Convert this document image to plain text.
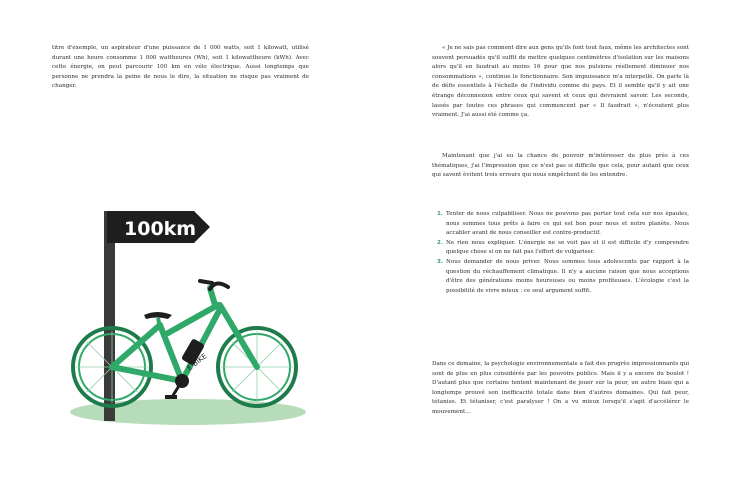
titre d'exemple, un aspirateur d'une puissance de 1 000 watts, soit 1 kilowatt, utilisé durant une heure consomme 1 000 wattheures (Wh), soit 1 kilowattheure (kWh). Avec cette énergie, on peut parcourir 100 km en vélo électrique. Aussi longtemps que personne ne prendra la peine de nous le dire, la situation ne risque pas vraiment de changer.

100km
E-BIKE

« Je ne sais pas comment dire aux gens qu'ils font tout faux, même les architectes sont souvent persuadés qu'il suffit de mettre quelques centimètres d'isolation sur les maisons alors qu'il en faudrait au moins 16 pour que nos pulsions réellement diminuer nos consommations », continue le fonctionnaire. Son impuissance m'a interpellé. On parle là de défis essentiels à l'échelle de l'individu comme du pays. Et il semble qu'il y ait une étrange déconnexion entre ceux qui savent et ceux qui devraient savoir. Les seconds, lassés par toutes ces phrases qui commencent par « Il faudrait », n'écoutent plus vraiment. J'ai aussi été comme ça.

Maintenant que j'ai eu la chance de pouvoir m'intéresser de plus près à ces thématiques, j'ai l'impression que ce n'est pas si difficile que cela, pour autant que ceux qui savent évitent trois erreurs qui nous empêchent de les entendre.

1. Tenter de nous culpabiliser. Nous ne pouvons pas porter tout cela sur nos épaules, nous sommes tous prêts à faire ce qui est bon pour nous et notre planète. Nous accabler avant de nous conseiller est contre-productif.
2. Ne rien nous expliquer. L'énergie ne se voit pas et il est difficile d'y comprendre quelque chose si on ne fait pas l'effort de vulgariser.
3. Nous demander de nous priver. Nous sommes tous adolescents par rapport à la question du réchauffement climatique. Il n'y a aucune raison que nous acceptions d'être des générations moins heureuses ou moins profiteuses. L'écologie c'est la possibilité de vivre mieux : ce seul argument suffit.

Dans ce domaine, la psychologie environnementale a fait des progrès impressionnants qui sont de plus en plus considérés par les pouvoirs publics. Mais il y a encore du boulot ! D'autant plus que certains tentent maintenant de jouer sur la peur, un autre biais qui a longtemps prouvé son inefficacité totale dans bien d'autres domaines. Qui fait peur, tétanise. Et tétaniser, c'est paralyser ! On a vu mieux lorsqu'il s'agit d'accélérer le mouvement…
